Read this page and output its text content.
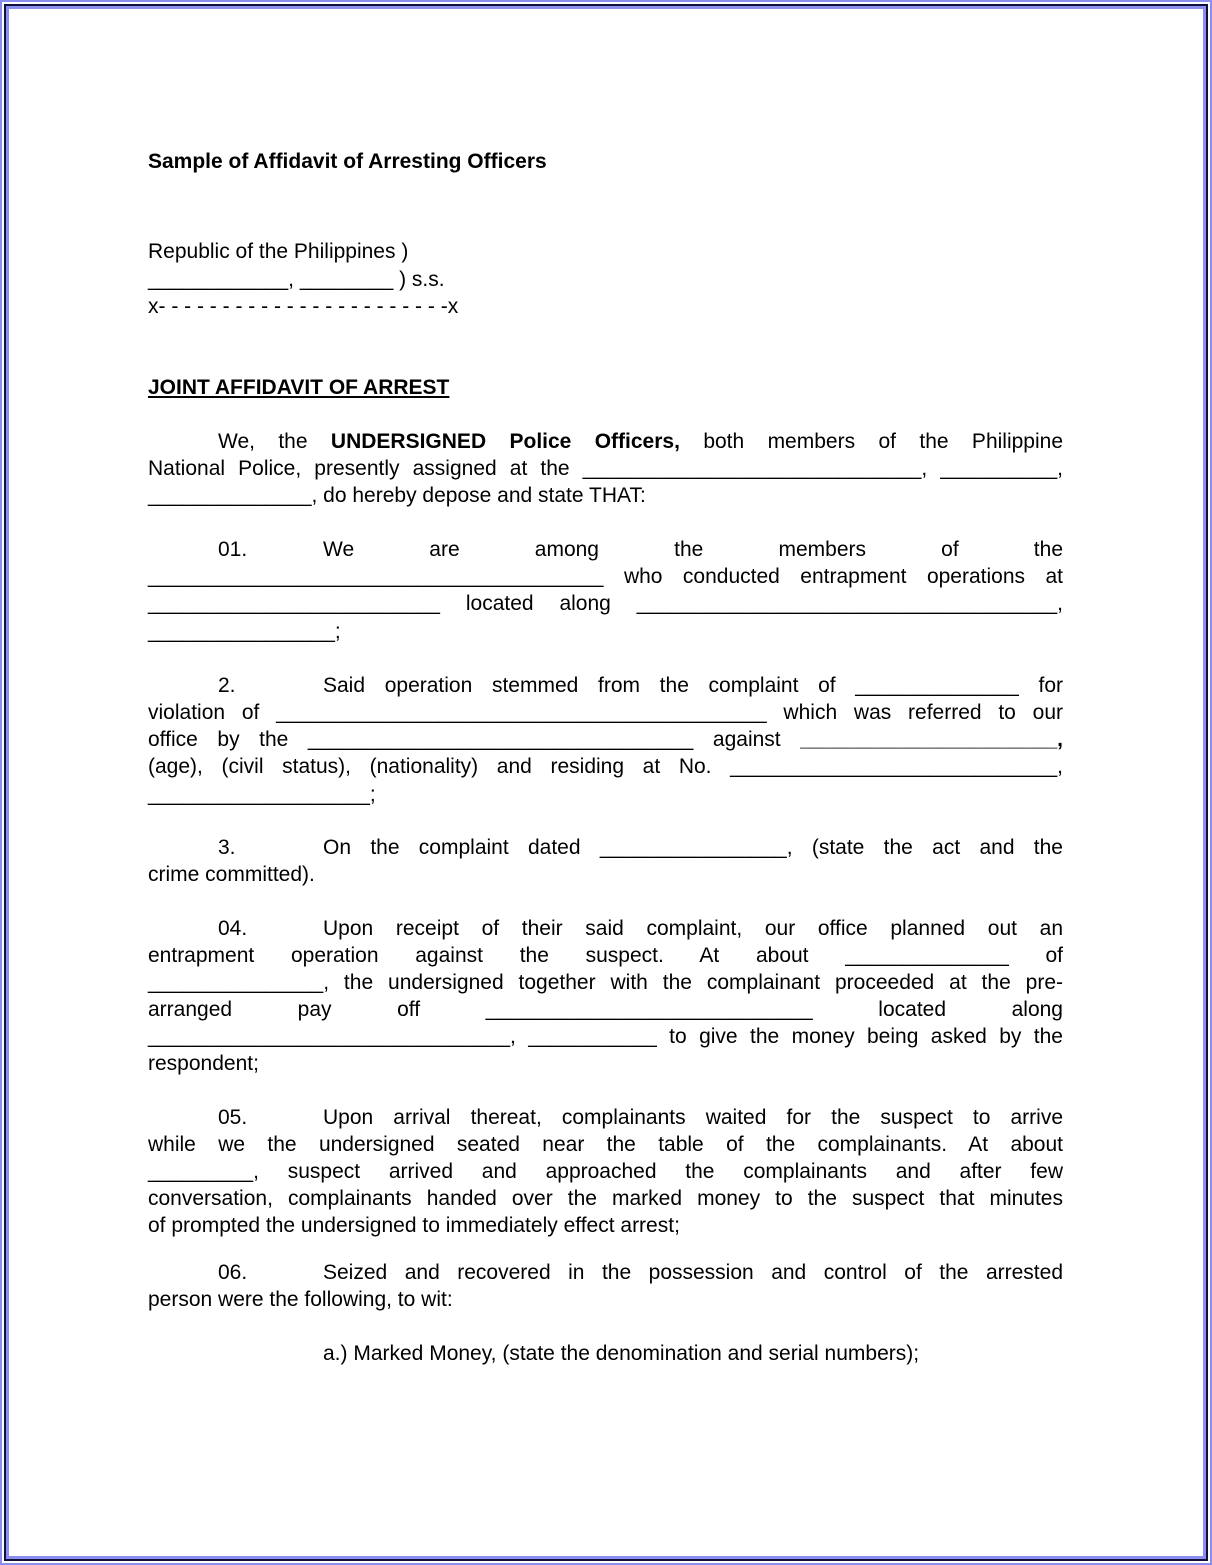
Sample of Affidavit of Arresting Officers
Republic of the Philippines )
____________, ________ ) s.s.
x- - - - - - - - - - - - - - - - - - - - - - -x
JOINT AFFIDAVIT OF ARREST
We, the UNDERSIGNED Police Officers, both members of the Philippine
National Police, presently assigned at the _____________________________, __________,
______________, do hereby depose and state THAT:
01.	We are among the members of the
_______________________________________ who conducted entrapment operations at
_________________________ located along ____________________________________,
________________;
2.	Said operation stemmed from the complaint of ______________ for
violation of __________________________________________ which was referred to our
office by the _________________________________ against ______________________,
(age), (civil status), (nationality) and residing at No. ____________________________,
___________________;
3.	On the complaint dated ________________, (state the act and the
crime committed).
04.	Upon receipt of their said complaint, our office planned out an
entrapment operation against the suspect. At about ______________ of
_______________, the undersigned together with the complainant proceeded at the pre-
arranged pay off ____________________________ located along
_______________________________, ___________ to give the money being asked by the
respondent;
05.	Upon arrival thereat, complainants waited for the suspect to arrive
while we the undersigned seated near the table of the complainants. At about
_________, suspect arrived and approached the complainants and after few
conversation, complainants handed over the marked money to the suspect that minutes
of prompted the undersigned to immediately effect arrest;
06.	Seized and recovered in the possession and control of the arrested
person were the following, to wit:
a.) Marked Money, (state the denomination and serial numbers);
